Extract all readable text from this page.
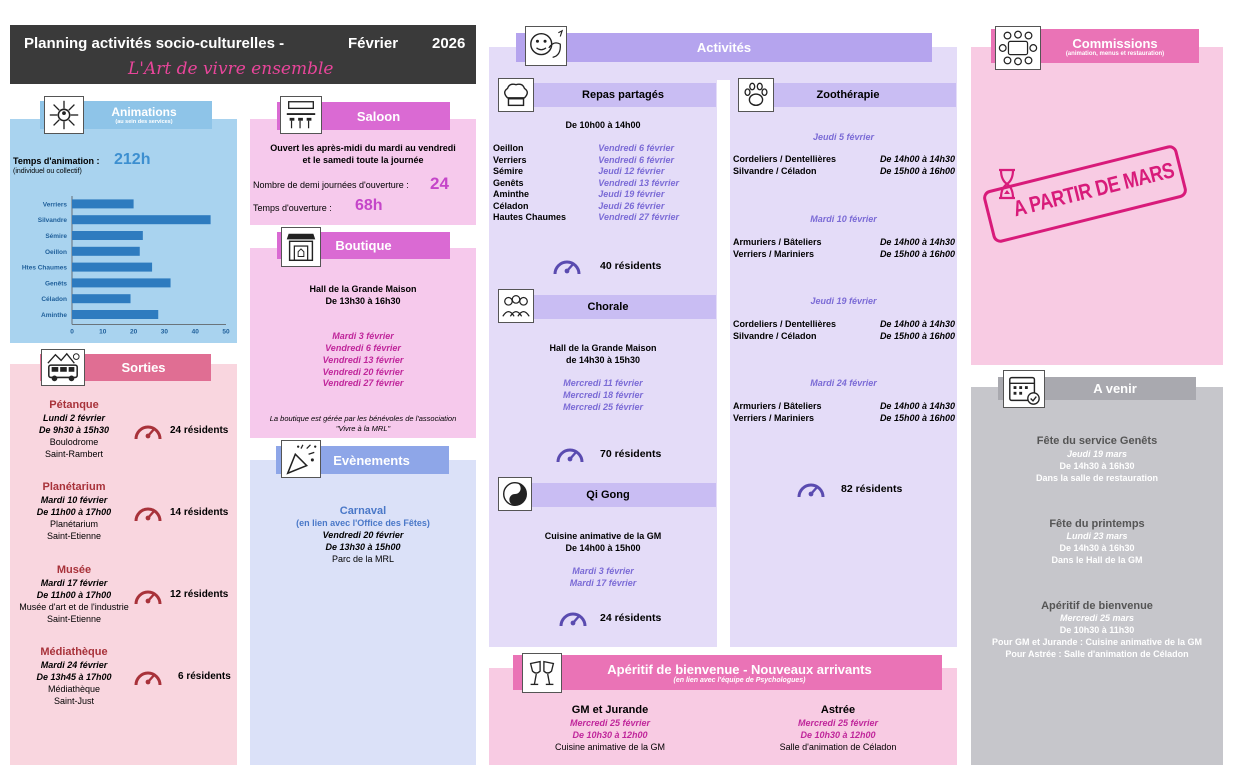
Planning activités socio-culturelles -	Février 2026
L'Art de vivre ensemble
Animations
(au sein des services)
Temps d'animation : 212h
(individuel ou collectif)
Verriers
Silvandre
Sémire
Oeillon
Htes Chaumes
Genêts
Céladon
Aminthe
0	10	20	30	40	50
Sorties
Pétanque
Lundi 2 février
De 9h30 à 15h30
Boulodrome
Saint-Rambert
24 résidents
Planétarium
Mardi 10 février
De 11h00 à 17h00
Planétarium
Saint-Etienne
14 résidents
Musée
Mardi 17 février
De 11h00 à 17h00
Musée d'art et de l'industrie
Saint-Etienne
12 résidents
Médiathèque
Mardi 24 février
De 13h45 à 17h00
Médiathèque
Saint-Just
6 résidents
Saloon
Ouvert les après-midi du mardi au vendredi
et le samedi toute la journée
Nombre de demi journées d'ouverture : 24
Temps d'ouverture : 68h
Boutique
Hall de la Grande Maison
De 13h30 à 16h30
Mardi 3 février
Vendredi 6 février
Vendredi 13 février
Vendredi 20 février
Vendredi 27 février
La boutique est gérée par les bénévoles de l'association
"Vivre à la MRL"
Evènements
Carnaval
(en lien avec l'Office des Fêtes)
Vendredi 20 février
De 13h30 à 15h00
Parc de la MRL
Activités
Repas partagés
De 10h00 à 14h00
Oeillon	Vendredi 6 février
Verriers	Vendredi 6 février
Sémire	Jeudi 12 février
Genêts	Vendredi 13 février
Aminthe	Jeudi 19 février
Céladon	Jeudi 26 février
Hautes Chaumes	Vendredi 27 février
40 résidents
Chorale
Hall de la Grande Maison
de 14h30 à 15h30
Mercredi 11 février
Mercredi 18 février
Mercredi 25 février
70 résidents
Qi Gong
Cuisine animative de la GM
De 14h00 à 15h00
Mardi 3 février
Mardi 17 février
24 résidents
Zoothérapie
Jeudi 5 février
Cordeliers / Dentellières	De 14h00 à 14h30
Silvandre / Céladon	De 15h00 à 16h00
Mardi 10 février
Armuriers / Bâteliers	De 14h00 à 14h30
Verriers / Mariniers	De 15h00 à 16h00
Jeudi 19 février
Cordeliers / Dentellières	De 14h00 à 14h30
Silvandre / Céladon	De 15h00 à 16h00
Mardi 24 février
Armuriers / Bâteliers	De 14h00 à 14h30
Verriers / Mariniers	De 15h00 à 16h00
82 résidents
Apéritif de bienvenue - Nouveaux arrivants
(en lien avec l'équipe de Psychologues)
GM et Jurande
Mercredi 25 février
De 10h30 à 12h00
Cuisine animative de la GM
Astrée
Mercredi 25 février
De 10h30 à 12h00
Salle d'animation de Céladon
Commissions
(animation, menus et restauration)
A PARTIR DE MARS
A venir
Fête du service Genêts
Jeudi 19 mars
De 14h30 à 16h30
Dans la salle de restauration
Fête du printemps
Lundi 23 mars
De 14h30 à 16h30
Dans le Hall de la GM
Apéritif de bienvenue
Mercredi 25 mars
De 10h30 à 11h30
Pour GM et Jurande : Cuisine animative de la GM
Pour Astrée : Salle d'animation de Céladon
